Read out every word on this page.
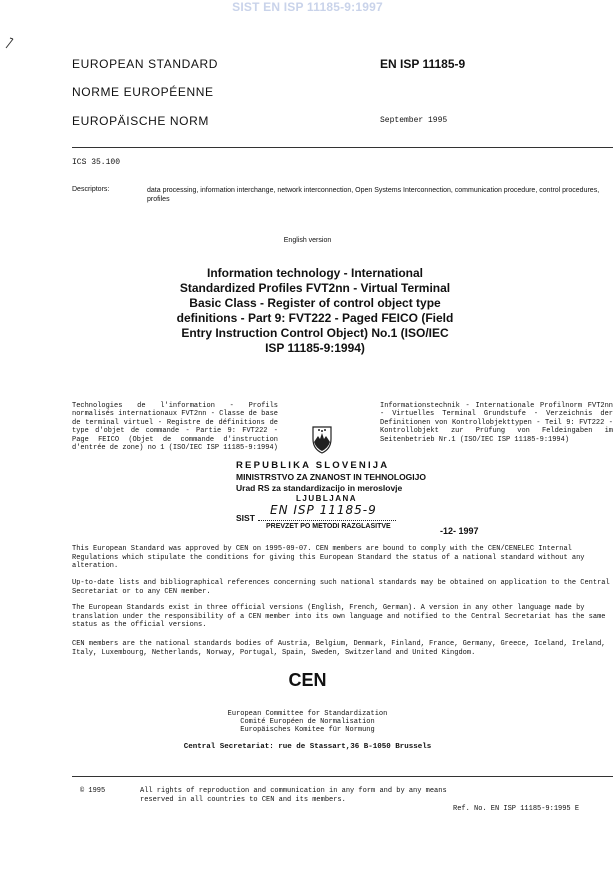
SIST EN ISP 11185-9:1997
EUROPEAN STANDARD
NORME EUROPÉENNE
EUROPÄISCHE NORM
EN ISP 11185-9
September 1995
ICS 35.100
Descriptors:	data processing, information interchange, network interconnection, Open Systems Interconnection, communication procedure, control procedures, profiles
English version
Information technology - International
Standardized Profiles FVT2nn - Virtual Terminal
Basic Class - Register of control object type
definitions - Part 9: FVT222 - Paged FEICO (Field
Entry Instruction Control Object) No.1 (ISO/IEC
ISP 11185-9:1994)
Technologies de l'information - Profils normalisés internationaux FVT2nn - Classe de base de terminal virtuel - Registre de définitions de type d'objet de commande - Partie 9: FVT222 - Page FEICO (Objet de commande d'instruction d'entrée de zone) no 1 (ISO/IEC ISP 11185-9:1994)
Informationstechnik - Internationale Profilnorm FVT2nn - Virtuelles Terminal Grundstufe - Verzeichnis der Definitionen von Kontrollobjekttypen - Teil 9: FVT222 - Kontrollobjekt zur Prüfung von Feldeingaben im Seitenbetrieb Nr.1 (ISO/IEC ISP 11185-9:1994)
REPUBLIKA SLOVENIJA
MINISTRSTVO ZA ZNANOST IN TEHNOLOGIJO
Urad RS za standardizacijo in meroslovje
LJUBLJANA
SIST
EN ISP 11185-9
PREVZET PO METODI RAZGLASITVE	-12- 1997
This European Standard was approved by CEN on 1995-09-07. CEN members are bound to comply with the CEN/CENELEC Internal Regulations which stipulate the conditions for giving this European Standard the status of a national standard without any alteration.
Up-to-date lists and bibliographical references concerning such national standards may be obtained on application to the Central Secretariat or to any CEN member.
The European Standards exist in three official versions (English, French, German). A version in any other language made by translation under the responsibility of a CEN member into its own language and notified to the Central Secretariat has the same status as the official versions.
CEN members are the national standards bodies of Austria, Belgium, Denmark, Finland, France, Germany, Greece, Iceland, Ireland, Italy, Luxembourg, Netherlands, Norway, Portugal, Spain, Sweden, Switzerland and United Kingdom.
CEN
European Committee for Standardization
Comité Européen de Normalisation
Europäisches Komitee für Normung
Central Secretariat: rue de Stassart,36 B-1050 Brussels
© 1995	All rights of reproduction and communication in any form and by any means
reserved in all countries to CEN and its members.
Ref. No. EN ISP 11185-9:1995 E
